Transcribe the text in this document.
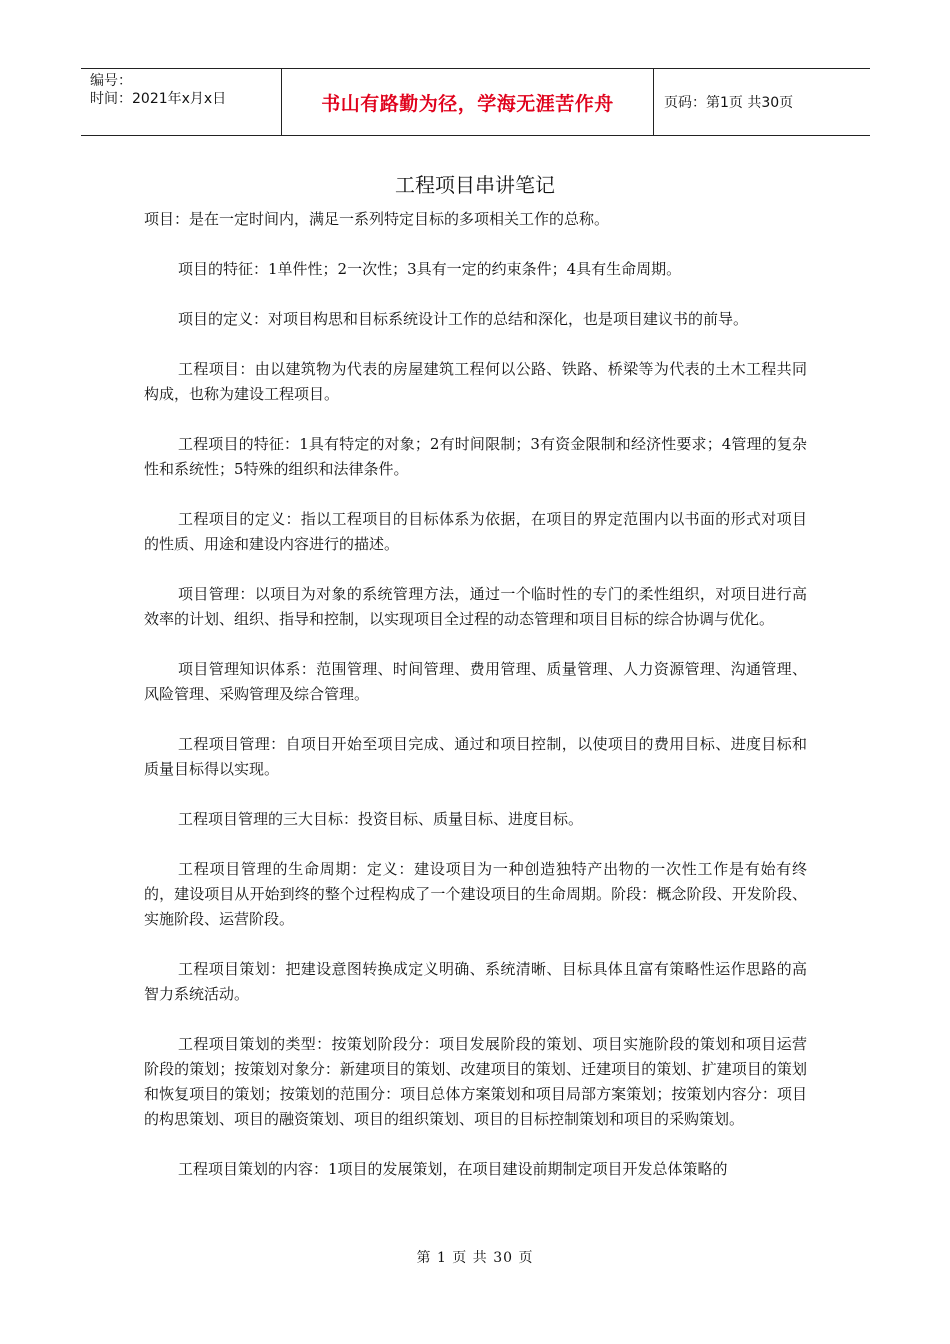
编号：
时间：2021年x月x日	书山有路勤为径，学海无涯苦作舟	页码：第1页 共30页
工程项目串讲笔记

项目：是在一定时间内，满足一系列特定目标的多项相关工作的总称。

项目的特征：1单件性；2一次性；3具有一定的约束条件；4具有生命周期。

项目的定义：对项目构思和目标系统设计工作的总结和深化，也是项目建议书的前导。

工程项目：由以建筑物为代表的房屋建筑工程何以公路、铁路、桥梁等为代表的土木工程共同构成，也称为建设工程项目。

工程项目的特征：1具有特定的对象；2有时间限制；3有资金限制和经济性要求；4管理的复杂性和系统性；5特殊的组织和法律条件。

工程项目的定义：指以工程项目的目标体系为依据，在项目的界定范围内以书面的形式对项目的性质、用途和建设内容进行的描述。

项目管理：以项目为对象的系统管理方法，通过一个临时性的专门的柔性组织，对项目进行高效率的计划、组织、指导和控制，以实现项目全过程的动态管理和项目目标的综合协调与优化。

项目管理知识体系：范围管理、时间管理、费用管理、质量管理、人力资源管理、沟通管理、风险管理、采购管理及综合管理。

工程项目管理：自项目开始至项目完成、通过和项目控制，以使项目的费用目标、进度目标和质量目标得以实现。

工程项目管理的三大目标：投资目标、质量目标、进度目标。

工程项目管理的生命周期：定义：建设项目为一种创造独特产出物的一次性工作是有始有终的，建设项目从开始到终的整个过程构成了一个建设项目的生命周期。阶段：概念阶段、开发阶段、实施阶段、运营阶段。

工程项目策划：把建设意图转换成定义明确、系统清晰、目标具体且富有策略性运作思路的高智力系统活动。

工程项目策划的类型：按策划阶段分：项目发展阶段的策划、项目实施阶段的策划和项目运营阶段的策划；按策划对象分：新建项目的策划、改建项目的策划、迁建项目的策划、扩建项目的策划和恢复项目的策划；按策划的范围分：项目总体方案策划和项目局部方案策划；按策划内容分：项目的构思策划、项目的融资策划、项目的组织策划、项目的目标控制策划和项目的采购策划。

工程项目策划的内容：1项目的发展策划，在项目建设前期制定项目开发总体策略的

第 1 页 共 30 页
